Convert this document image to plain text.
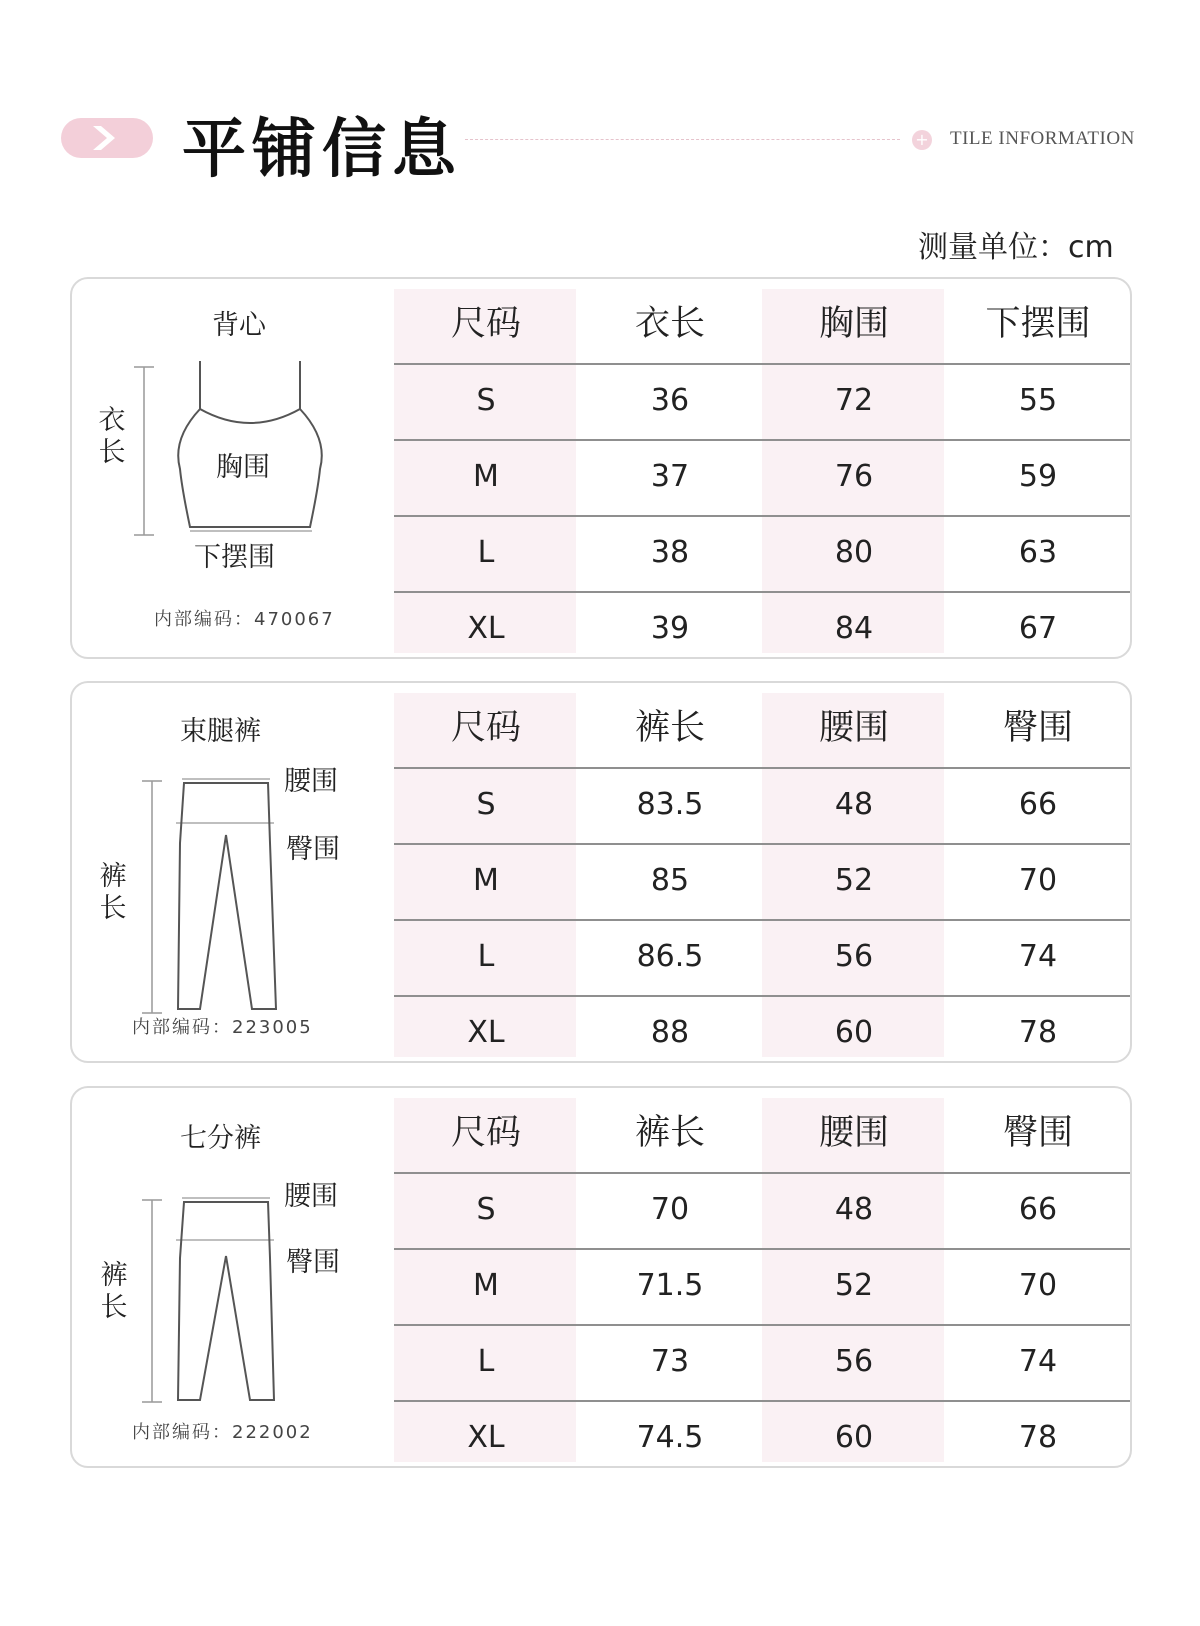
平铺信息	+ TILE INFORMATION
测量单位：cm
背心
衣
长	胸围
下摆围
内部编码：470067
尺码	衣长	胸围	下摆围
S	36	72	55
M	37	76	59
L	38	80	63
XL	39	84	67
束腿裤
裤
长
腰围
臀围
内部编码：223005
尺码	裤长	腰围	臀围
S	83.5	48	66
M	85	52	70
L	86.5	56	74
XL	88	60	78
七分裤
裤
长
腰围
臀围
内部编码：222002
尺码	裤长	腰围	臀围
S	70	48	66
M	71.5	52	70
L	73	56	74
XL	74.5	60	78
